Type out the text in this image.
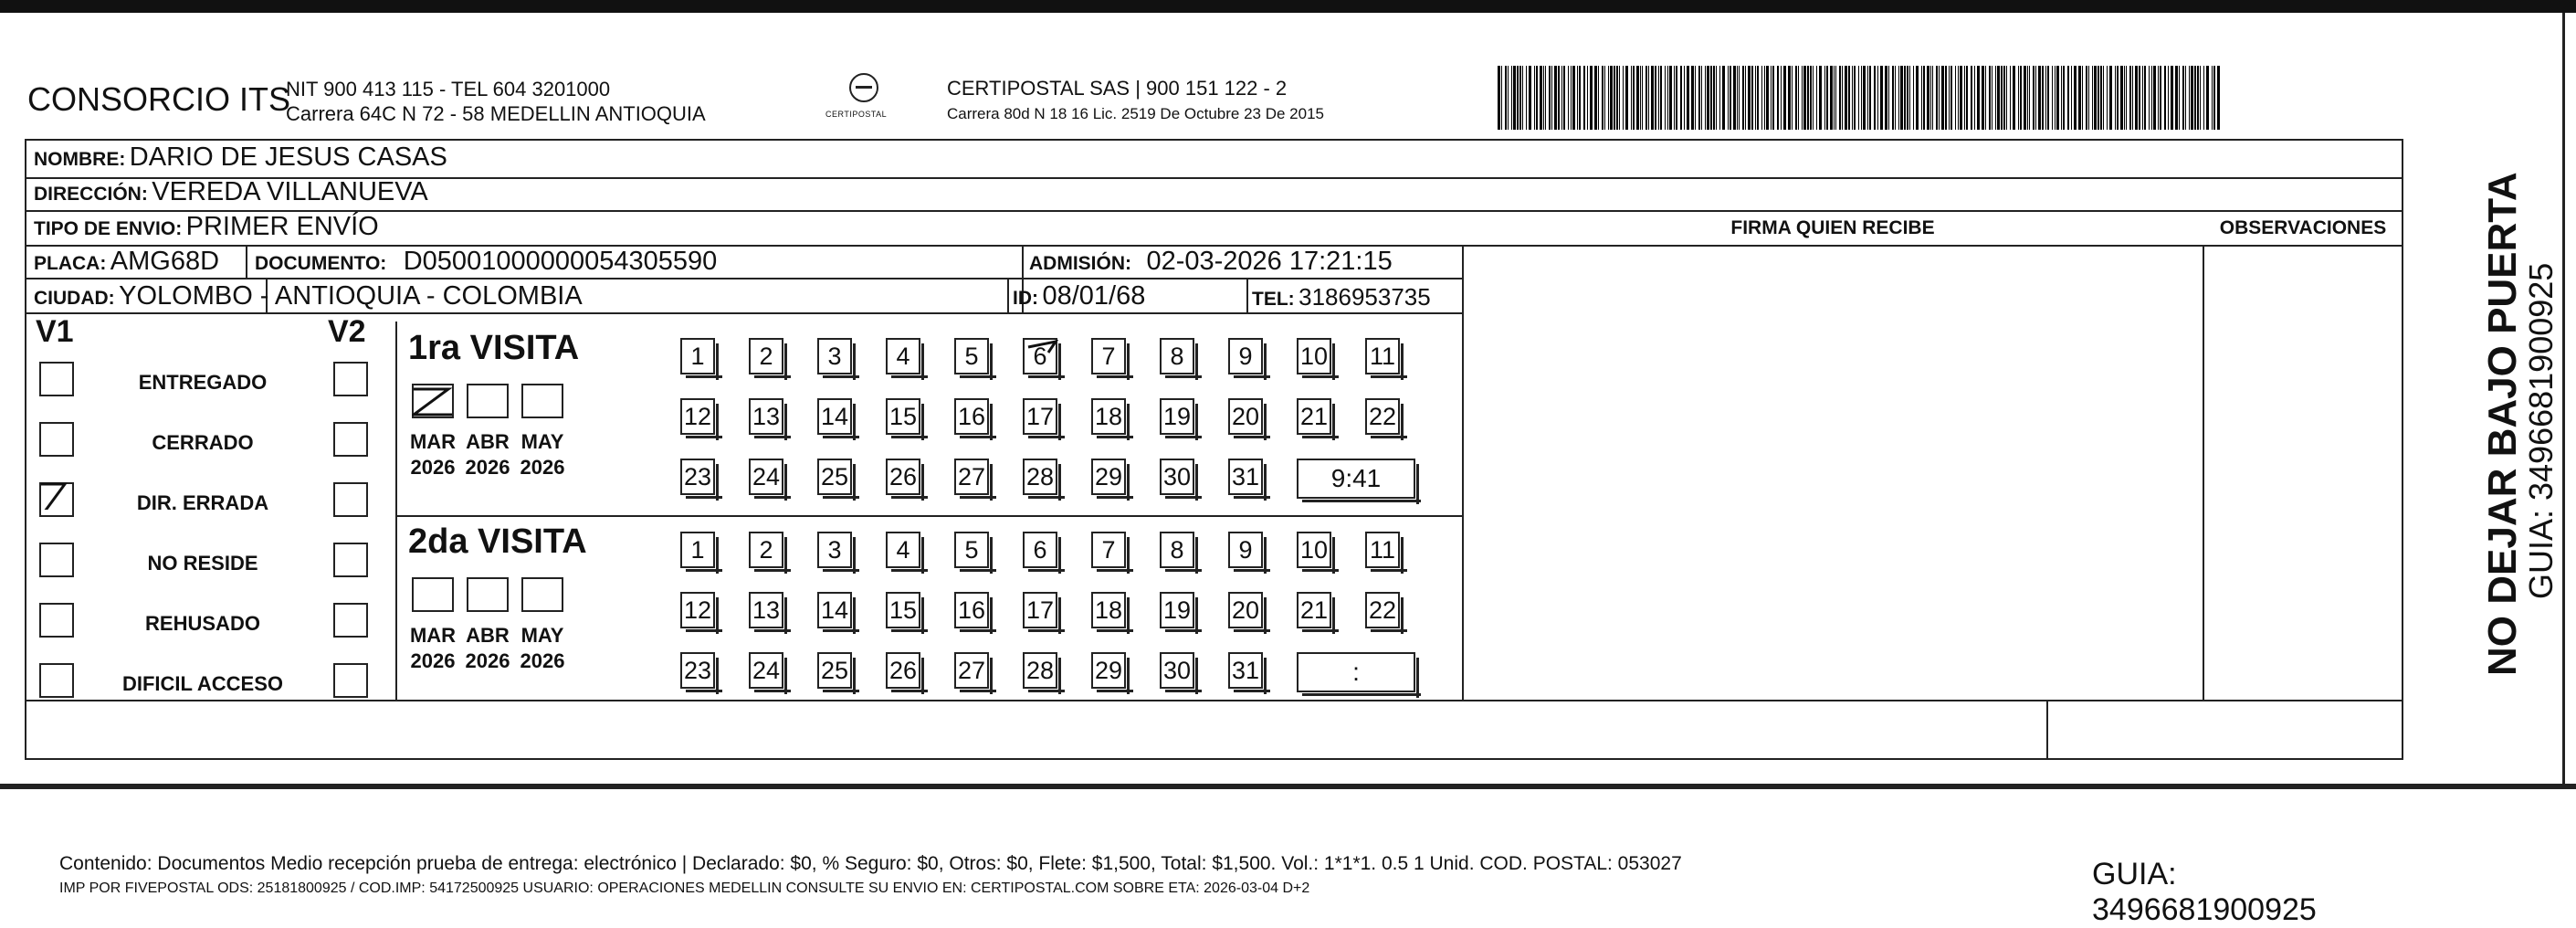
CONSORCIO ITS
NIT 900 413 115 - TEL 604 3201000
Carrera 64C N 72 - 58 MEDELLIN ANTIOQUIA	CERTIPOSTAL
CERTIPOSTAL SAS | 900 151 122 - 2
Carrera 80d N 18 16 Lic. 2519 De Octubre 23 De 2015
NOMBRE: DARIO DE JESUS CASAS
DIRECCIÓN: VEREDA VILLANUEVA
TIPO DE ENVIO: PRIMER ENVÍO	FIRMA QUIEN RECIBE	OBSERVACIONES
PLACA: AMG68D DOCUMENTO: D05001000000054305590	ADMISIÓN: 02-03-2026 17:21:15
CIUDAD: YOLOMBO - ANTIOQUIA - COLOMBIA	ID: 08/01/68	TEL: 3186953735
V1	V2
ENTREGADO
CERRADO
DIR. ERRADA
NO RESIDE
REHUSADO
DIFICIL ACCESO
1ra VISITA
2da VISITA
MAR
2026
ABR
2026
MAY
2026
1	2	3	4	5	6	7	8	9	10 11
12 13 14 15 16 17 18 19 20 21 22
23 24 25 26 27 28 29 30 31	9:41
MAR
2026
ABR
2026
MAY
2026
1	2	3	4	5	6	7	8	9	10 11
12 13 14 15 16 17 18 19 20 21 22
23 24 25 26 27 28 29 30 31	:
Contenido: Documentos Medio recepción prueba de entrega: electrónico | Declarado: $0, % Seguro: $0, Otros: $0, Flete: $1,500, Total: $1,500. Vol.: 1*1*1. 0.5 1 Unid. COD. POSTAL: 053027
IMP POR FIVEPOSTAL ODS: 25181800925 / COD.IMP: 54172500925 USUARIO: OPERACIONES MEDELLIN CONSULTE SU ENVIO EN: CERTIPOSTAL.COM SOBRE ETA: 2026-03-04 D+2	GUIA: 3496681900925
NO DEJAR BAJO PUERTA
GUIA: 3496681900925
